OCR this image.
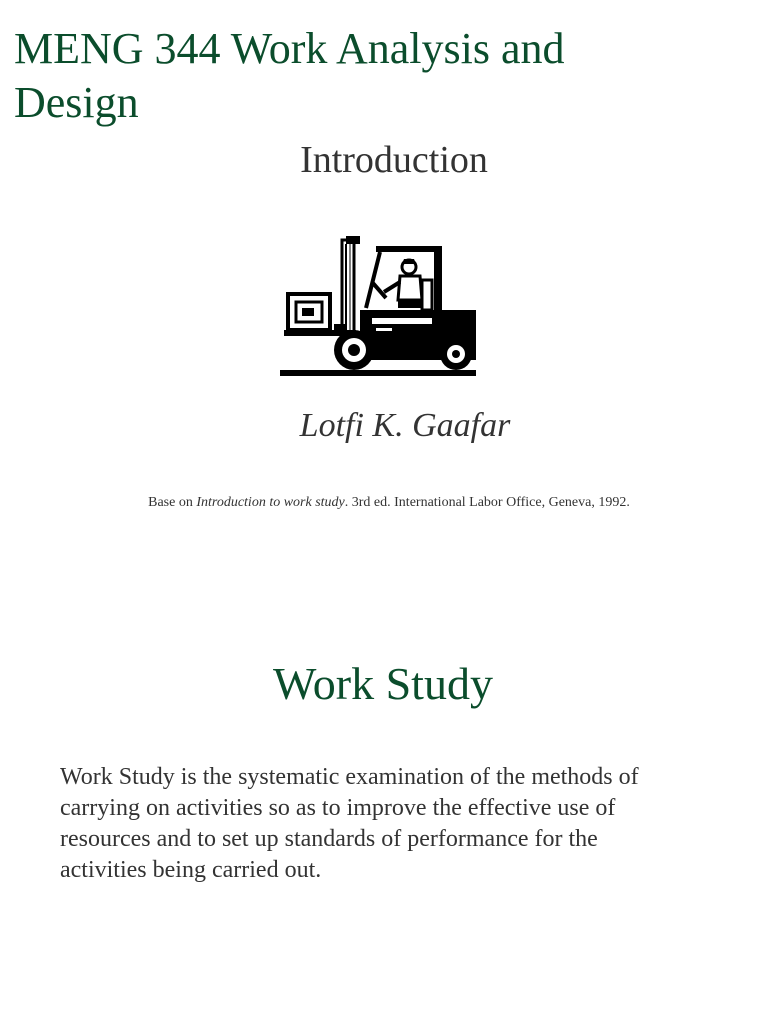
MENG 344 Work Analysis and Design
Introduction
Lotfi K. Gaafar
Base on Introduction to work study. 3rd ed. International Labor Office, Geneva, 1992.
Work Study

Work Study is the systematic examination of the methods of carrying on activities so as to improve the effective use of resources and to set up standards of performance for the activities being carried out.
